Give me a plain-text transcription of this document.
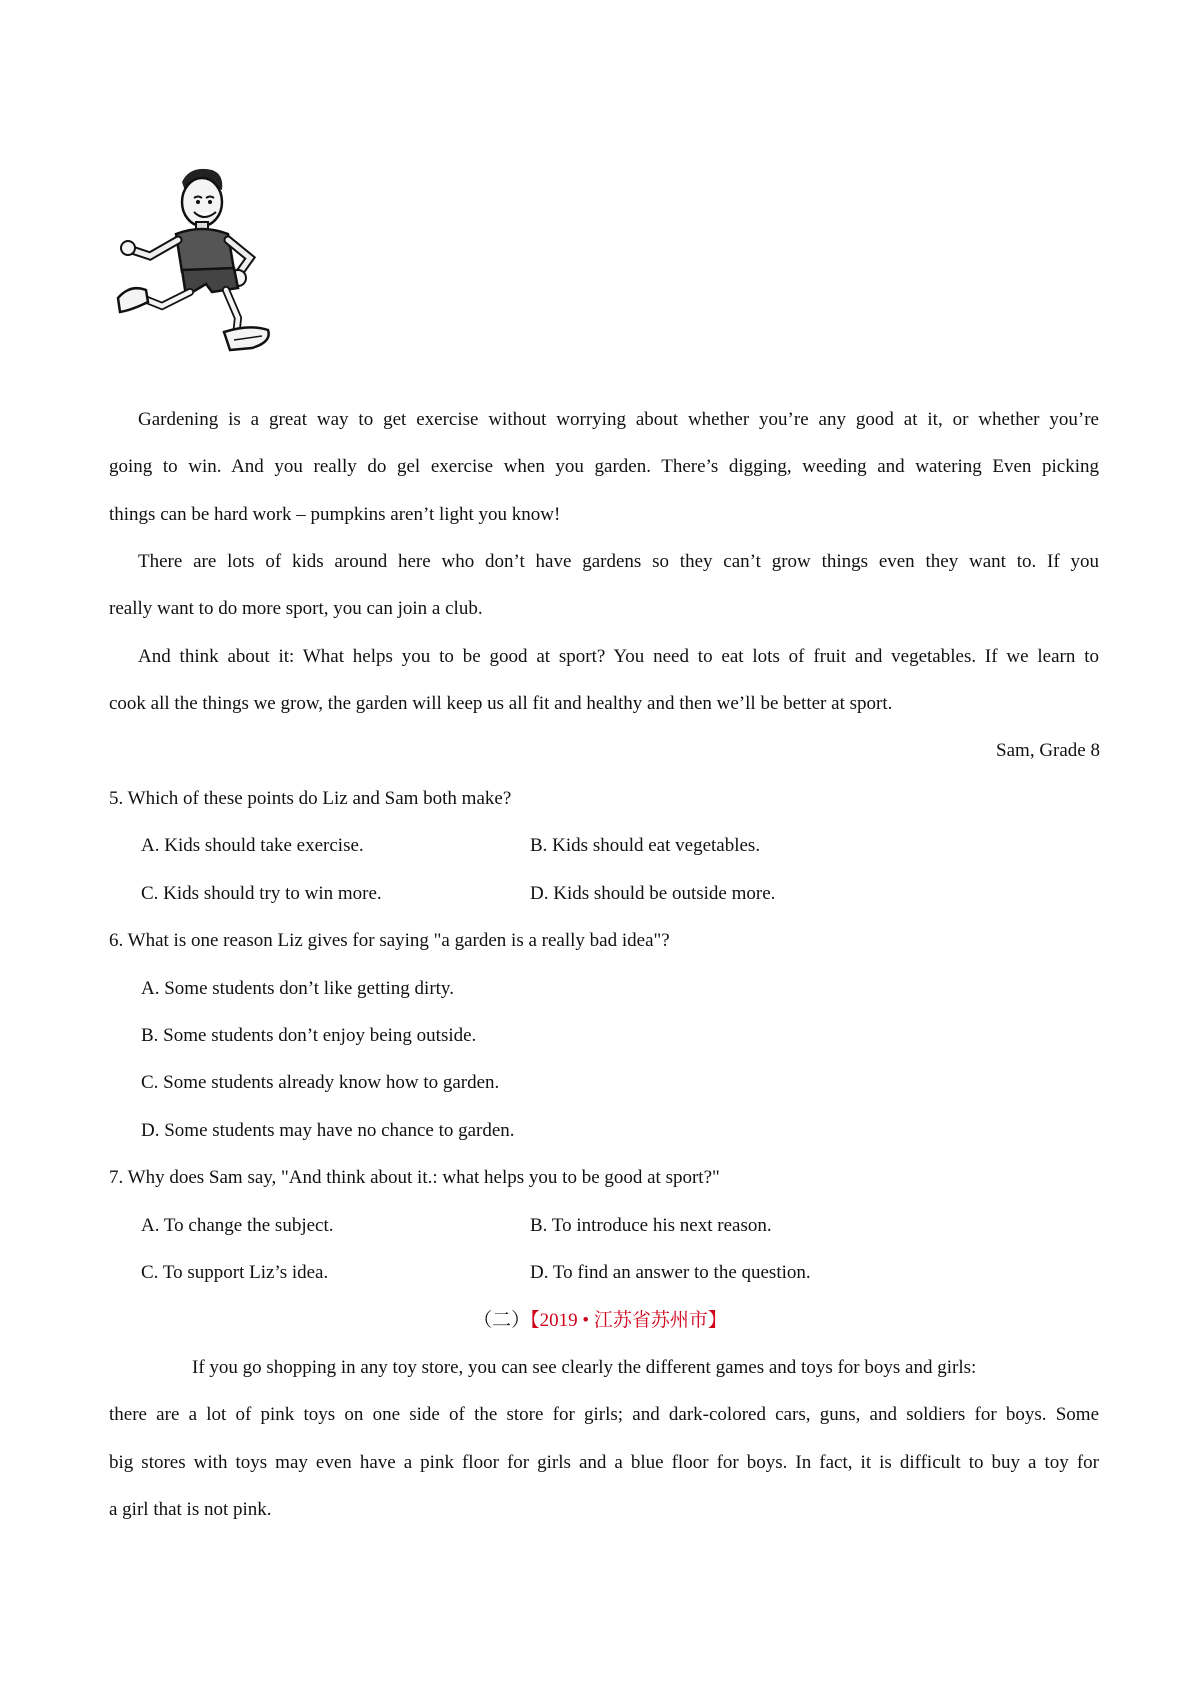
Gardening is a great way to get exercise without worrying about whether you’re any good at it, or whether you’re
going to win. And you really do gel exercise when you garden. There’s digging, weeding and watering Even picking
things can be hard work – pumpkins aren’t light you know!
There are lots of kids around here who don’t have gardens so they can’t grow things even they want to. If you
really want to do more sport, you can join a club.
And think about it: What helps you to be good at sport? You need to eat lots of fruit and vegetables. If we learn to
cook all the things we grow, the garden will keep us all fit and healthy and then we’ll be better at sport.
Sam, Grade 8
5. Which of these points do Liz and Sam both make?
A. Kids should take exercise.	B. Kids should eat vegetables.
C. Kids should try to win more.	D. Kids should be outside more.
6. What is one reason Liz gives for saying "a garden is a really bad idea"?
A. Some students don’t like getting dirty.
B. Some students don’t enjoy being outside.
C. Some students already know how to garden.
D. Some students may have no chance to garden.
7. Why does Sam say, "And think about it.: what helps you to be good at sport?"
A. To change the subject.	B. To introduce his next reason.
C. To support Liz’s idea.	D. To find an answer to the question.
（二）【2019 • 江苏省苏州市】
If you go shopping in any toy store, you can see clearly the different games and toys for boys and girls:
there are a lot of pink toys on one side of the store for girls; and dark-colored cars, guns, and soldiers for boys. Some
big stores with toys may even have a pink floor for girls and a blue floor for boys. In fact, it is difficult to buy a toy for
a girl that is not pink.
